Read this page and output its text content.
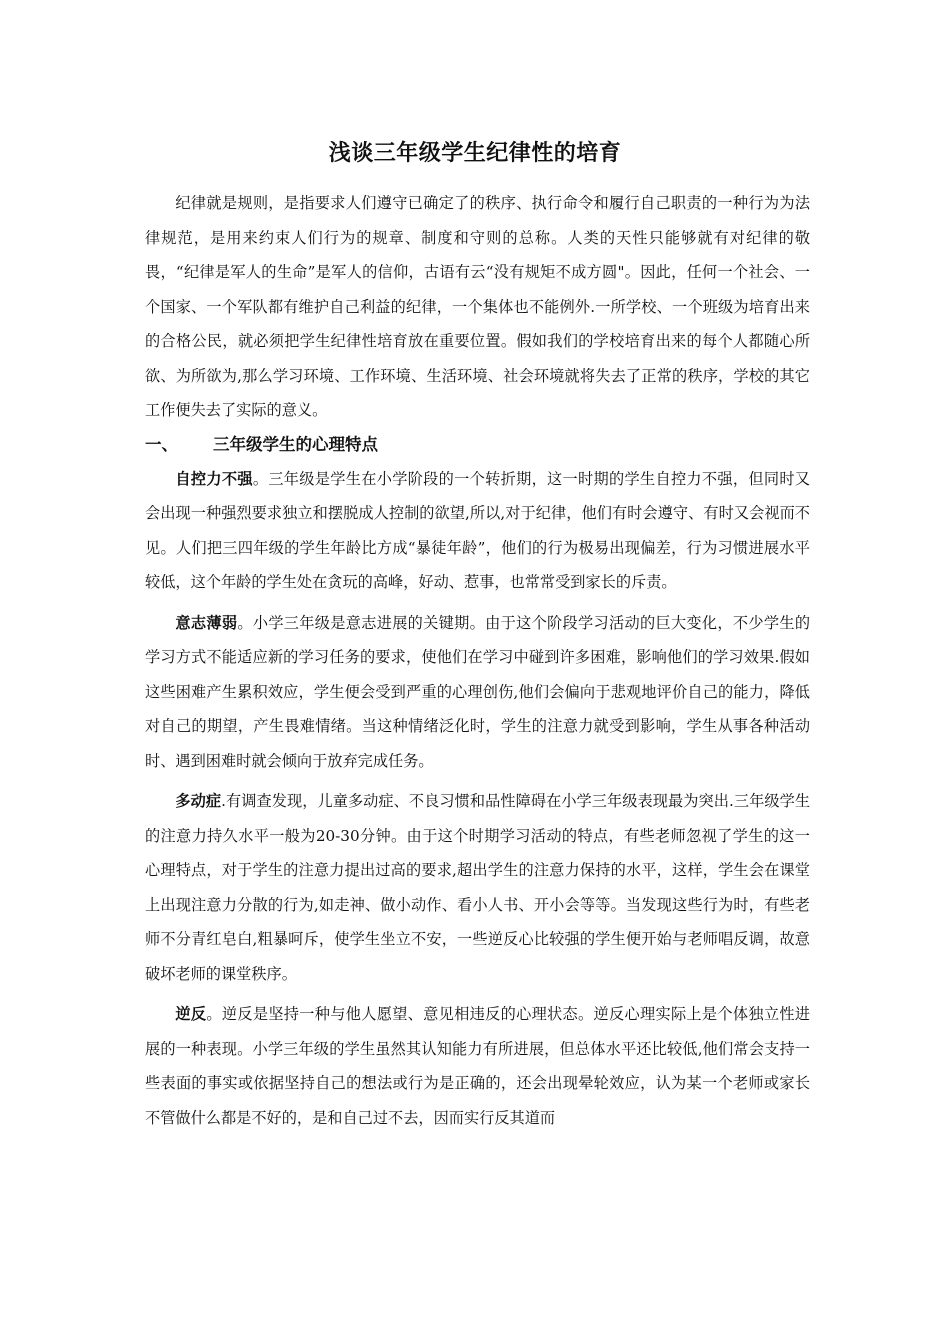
浅谈三年级学生纪律性的培育

纪律就是规则，是指要求人们遵守已确定了的秩序、执行命令和履行自己职责的一种行为为法律规范，是用来约束人们行为的规章、制度和守则的总称。人类的天性只能够就有对纪律的敬畏，“纪律是军人的生命”是军人的信仰，古语有云“没有规矩不成方圆"。因此，任何一个社会、一个国家、一个军队都有维护自己利益的纪律，一个集体也不能例外.一所学校、一个班级为培育出来的合格公民，就必须把学生纪律性培育放在重要位置。假如我们的学校培育出来的每个人都随心所欲、为所欲为,那么学习环境、工作环境、生活环境、社会环境就将失去了正常的秩序，学校的其它工作便失去了实际的意义。

一、 三年级学生的心理特点

自控力不强。三年级是学生在小学阶段的一个转折期，这一时期的学生自控力不强，但同时又会出现一种强烈要求独立和摆脱成人控制的欲望,所以,对于纪律，他们有时会遵守、有时又会视而不见。人们把三四年级的学生年龄比方成“暴徒年龄”，他们的行为极易出现偏差，行为习惯进展水平较低，这个年龄的学生处在贪玩的高峰，好动、惹事，也常常受到家长的斥责。

意志薄弱。小学三年级是意志进展的关键期。由于这个阶段学习活动的巨大变化，不少学生的学习方式不能适应新的学习任务的要求，使他们在学习中碰到许多困难，影响他们的学习效果.假如这些困难产生累积效应，学生便会受到严重的心理创伤,他们会偏向于悲观地评价自己的能力，降低对自己的期望，产生畏难情绪。当这种情绪泛化时，学生的注意力就受到影响，学生从事各种活动时、遇到困难时就会倾向于放弃完成任务。

多动症.有调查发现，儿童多动症、不良习惯和品性障碍在小学三年级表现最为突出.三年级学生的注意力持久水平一般为20-30分钟。由于这个时期学习活动的特点，有些老师忽视了学生的这一心理特点，对于学生的注意力提出过高的要求,超出学生的注意力保持的水平，这样，学生会在课堂上出现注意力分散的行为,如走神、做小动作、看小人书、开小会等等。当发现这些行为时，有些老师不分青红皂白,粗暴呵斥，使学生坐立不安，一些逆反心比较强的学生便开始与老师唱反调，故意破坏老师的课堂秩序。

逆反。逆反是坚持一种与他人愿望、意见相违反的心理状态。逆反心理实际上是个体独立性进展的一种表现。小学三年级的学生虽然其认知能力有所进展，但总体水平还比较低,他们常会支持一些表面的事实或依据坚持自己的想法或行为是正确的，还会出现晕轮效应，认为某一个老师或家长不管做什么都是不好的，是和自己过不去，因而实行反其道而
